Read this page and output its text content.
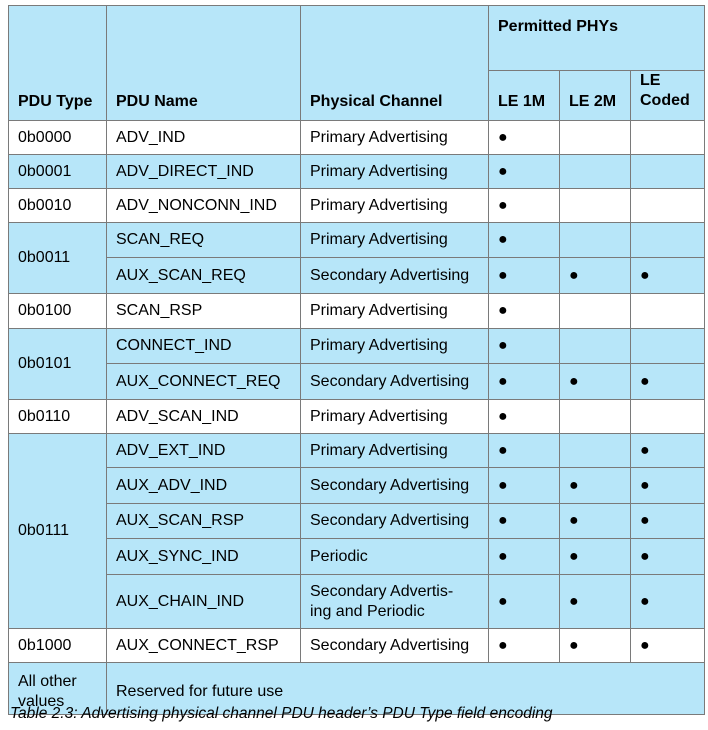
PDU Type	PDU Name	Physical Channel	Permitted PHYs		
			LE 1M	LE 2M	LE Coded
0b0000	ADV_IND	Primary Advertising	●		
0b0001	ADV_DIRECT_IND	Primary Advertising	●		
0b0010	ADV_NONCONN_IND	Primary Advertising	●		
0b0011	SCAN_REQ	Primary Advertising	●		
	AUX_SCAN_REQ	Secondary Advertising	●	●	●
0b0100	SCAN_RSP	Primary Advertising	●		
0b0101	CONNECT_IND	Primary Advertising	●		
	AUX_CONNECT_REQ	Secondary Advertising	●	●	●
0b0110	ADV_SCAN_IND	Primary Advertising	●		
0b0111	ADV_EXT_IND	Primary Advertising	●		●
	AUX_ADV_IND	Secondary Advertising	●	●	●
	AUX_SCAN_RSP	Secondary Advertising	●	●	●
	AUX_SYNC_IND	Periodic	●	●	●
	AUX_CHAIN_IND	Secondary Advertis-
ing and Periodic	●	●	●
0b1000	AUX_CONNECT_RSP	Secondary Advertising	●	●	●

All other
values	Reserved for future use				
Table 2.3: Advertising physical channel PDU header’s PDU Type field encoding
